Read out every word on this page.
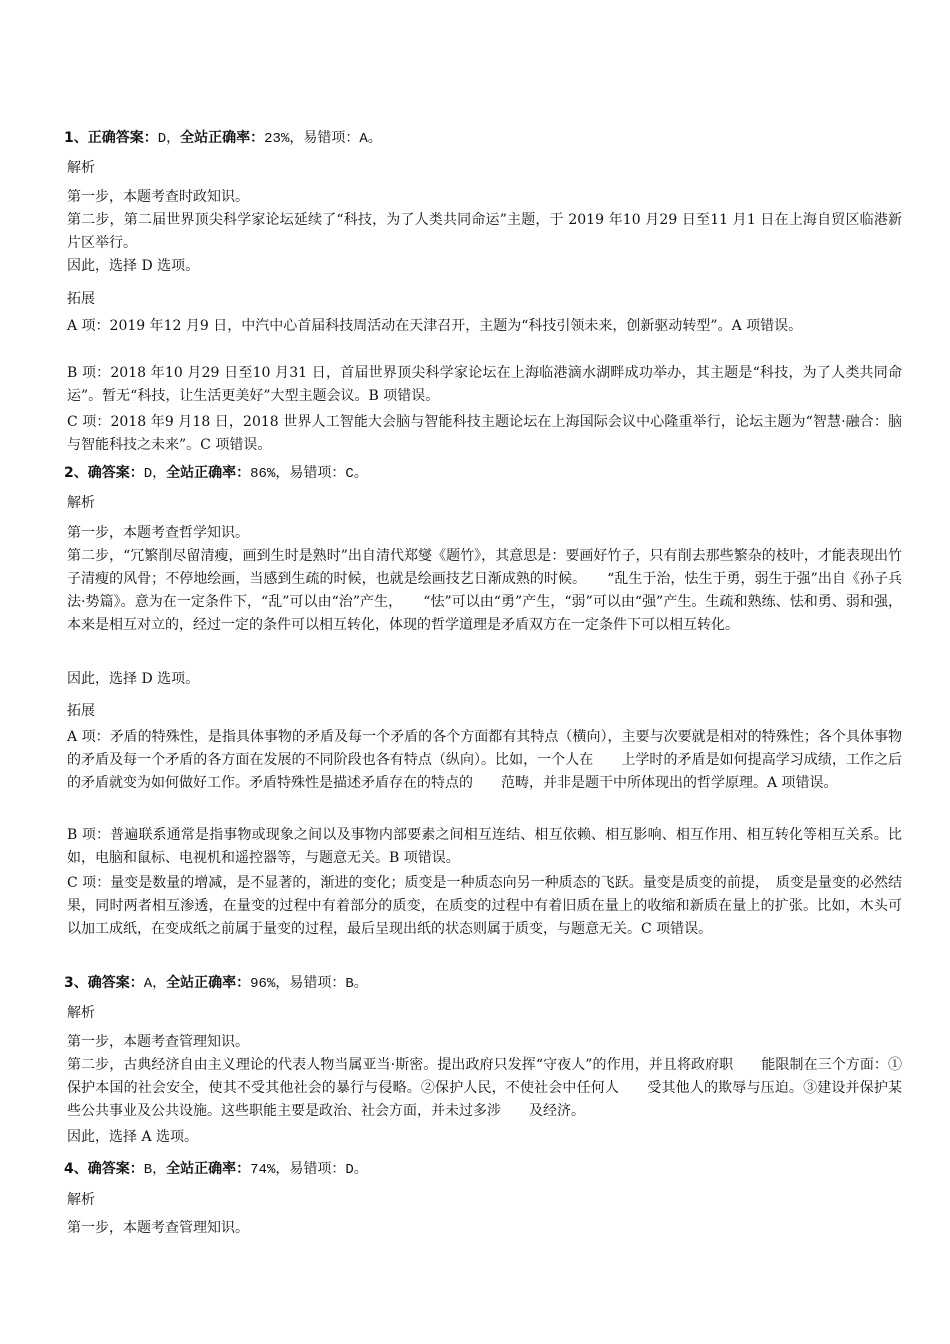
1、正确答案：D，全站正确率：23%，易错项：A。
解析
第一步，本题考查时政知识。
第二步，第二届世界顶尖科学家论坛延续了“科技，为了人类共同命运”主题，于 2019 年10 月29 日至11 月1 日在上海自贸区临港新片区举行。
因此，选择 D 选项。
拓展
A 项：2019 年12 月9 日，中汽中心首届科技周活动在天津召开，主题为“科技引领未来，创新驱动转型”。A 项错误。
B 项：2018 年10 月29 日至10 月31 日，首届世界顶尖科学家论坛在上海临港滴水湖畔成功举办，其主题是“科技，为了人类共同命运”。暂无“科技，让生活更美好”大型主题会议。B 项错误。
C 项：2018 年9 月18 日，2018 世界人工智能大会脑与智能科技主题论坛在上海国际会议中心隆重举行，论坛主题为“智慧·融合：脑与智能科技之未来”。C 项错误。
2、确答案：D，全站正确率：86%，易错项：C。
解析
第一步，本题考查哲学知识。
第二步，“冗繁削尽留清瘦，画到生时是熟时”出自清代郑燮《题竹》，其意思是：要画好竹子，只有削去那些繁杂的枝叶，才能表现出竹子清瘦的风骨；不停地绘画，当感到生疏的时候，也就是绘画技艺日渐成熟的时候。　　“乱生于治，怯生于勇，弱生于强”出自《孙子兵法·势篇》。意为在一定条件下，“乱”可以由“治”产生，　　“怯”可以由“勇”产生，“弱”可以由“强”产生。生疏和熟练、怯和勇、弱和强，本来是相互对立的，经过一定的条件可以相互转化，体现的哲学道理是矛盾双方在一定条件下可以相互转化。
因此，选择 D 选项。
拓展
A 项：矛盾的特殊性，是指具体事物的矛盾及每一个矛盾的各个方面都有其特点（横向），主要与次要就是相对的特殊性；各个具体事物的矛盾及每一个矛盾的各方面在发展的不同阶段也各有特点（纵向）。比如，一个人在　　上学时的矛盾是如何提高学习成绩，工作之后的矛盾就变为如何做好工作。矛盾特殊性是描述矛盾存在的特点的　　范畴，并非是题干中所体现出的哲学原理。A 项错误。
B 项：普遍联系通常是指事物或现象之间以及事物内部要素之间相互连结、相互依赖、相互影响、相互作用、相互转化等相互关系。比如，电脑和鼠标、电视机和遥控器等，与题意无关。B 项错误。
C 项：量变是数量的增减，是不显著的，渐进的变化；质变是一种质态向另一种质态的飞跃。量变是质变的前提，　质变是量变的必然结果，同时两者相互渗透，在量变的过程中有着部分的质变，在质变的过程中有着旧质在量上的收缩和新质在量上的扩张。比如，木头可以加工成纸，在变成纸之前属于量变的过程，最后呈现出纸的状态则属于质变，与题意无关。C 项错误。
3、确答案：A，全站正确率：96%，易错项：B。
解析
第一步，本题考查管理知识。
第二步，古典经济自由主义理论的代表人物当属亚当·斯密。提出政府只发挥“守夜人”的作用，并且将政府职　　能限制在三个方面：①保护本国的社会安全，使其不受其他社会的暴行与侵略。②保护人民，不使社会中任何人　　受其他人的欺辱与压迫。③建设并保护某些公共事业及公共设施。这些职能主要是政治、社会方面，并未过多涉　　及经济。
因此，选择 A 选项。
4、确答案：B，全站正确率：74%，易错项：D。
解析
第一步，本题考查管理知识。
